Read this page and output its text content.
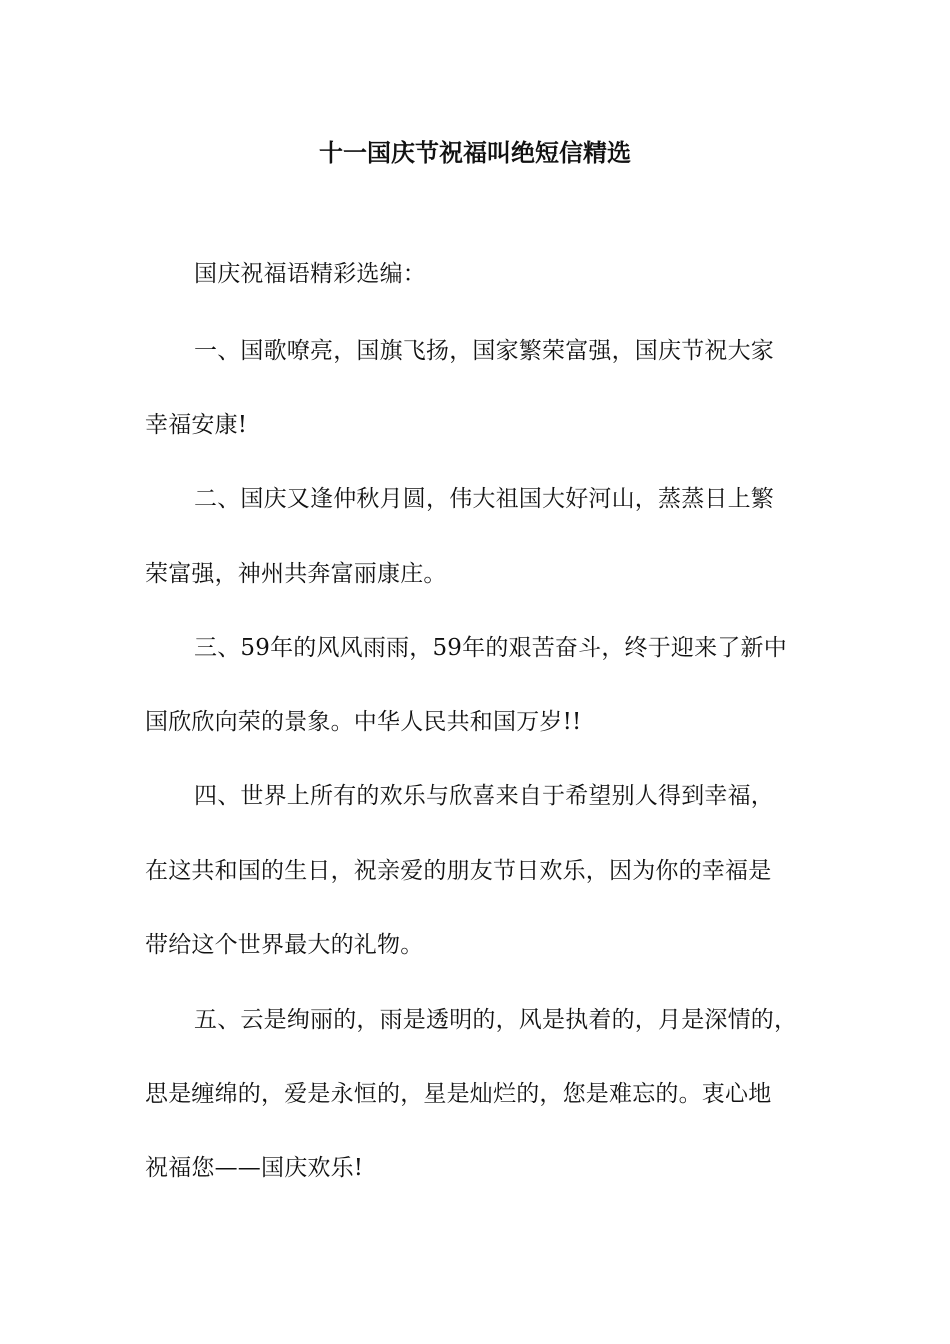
十一国庆节祝福叫绝短信精选
国庆祝福语精彩选编：
一、国歌嘹亮，国旗飞扬，国家繁荣富强，国庆节祝大家
幸福安康!
二、国庆又逢仲秋月圆，伟大祖国大好河山，蒸蒸日上繁
荣富强，神州共奔富丽康庄。
三、59年的风风雨雨，59年的艰苦奋斗，终于迎来了新中
国欣欣向荣的景象。中华人民共和国万岁!!
四、世界上所有的欢乐与欣喜来自于希望别人得到幸福，
在这共和国的生日，祝亲爱的朋友节日欢乐，因为你的幸福是
带给这个世界最大的礼物。
五、云是绚丽的，雨是透明的，风是执着的，月是深情的，
思是缠绵的，爱是永恒的，星是灿烂的，您是难忘的。衷心地
祝福您——国庆欢乐!
